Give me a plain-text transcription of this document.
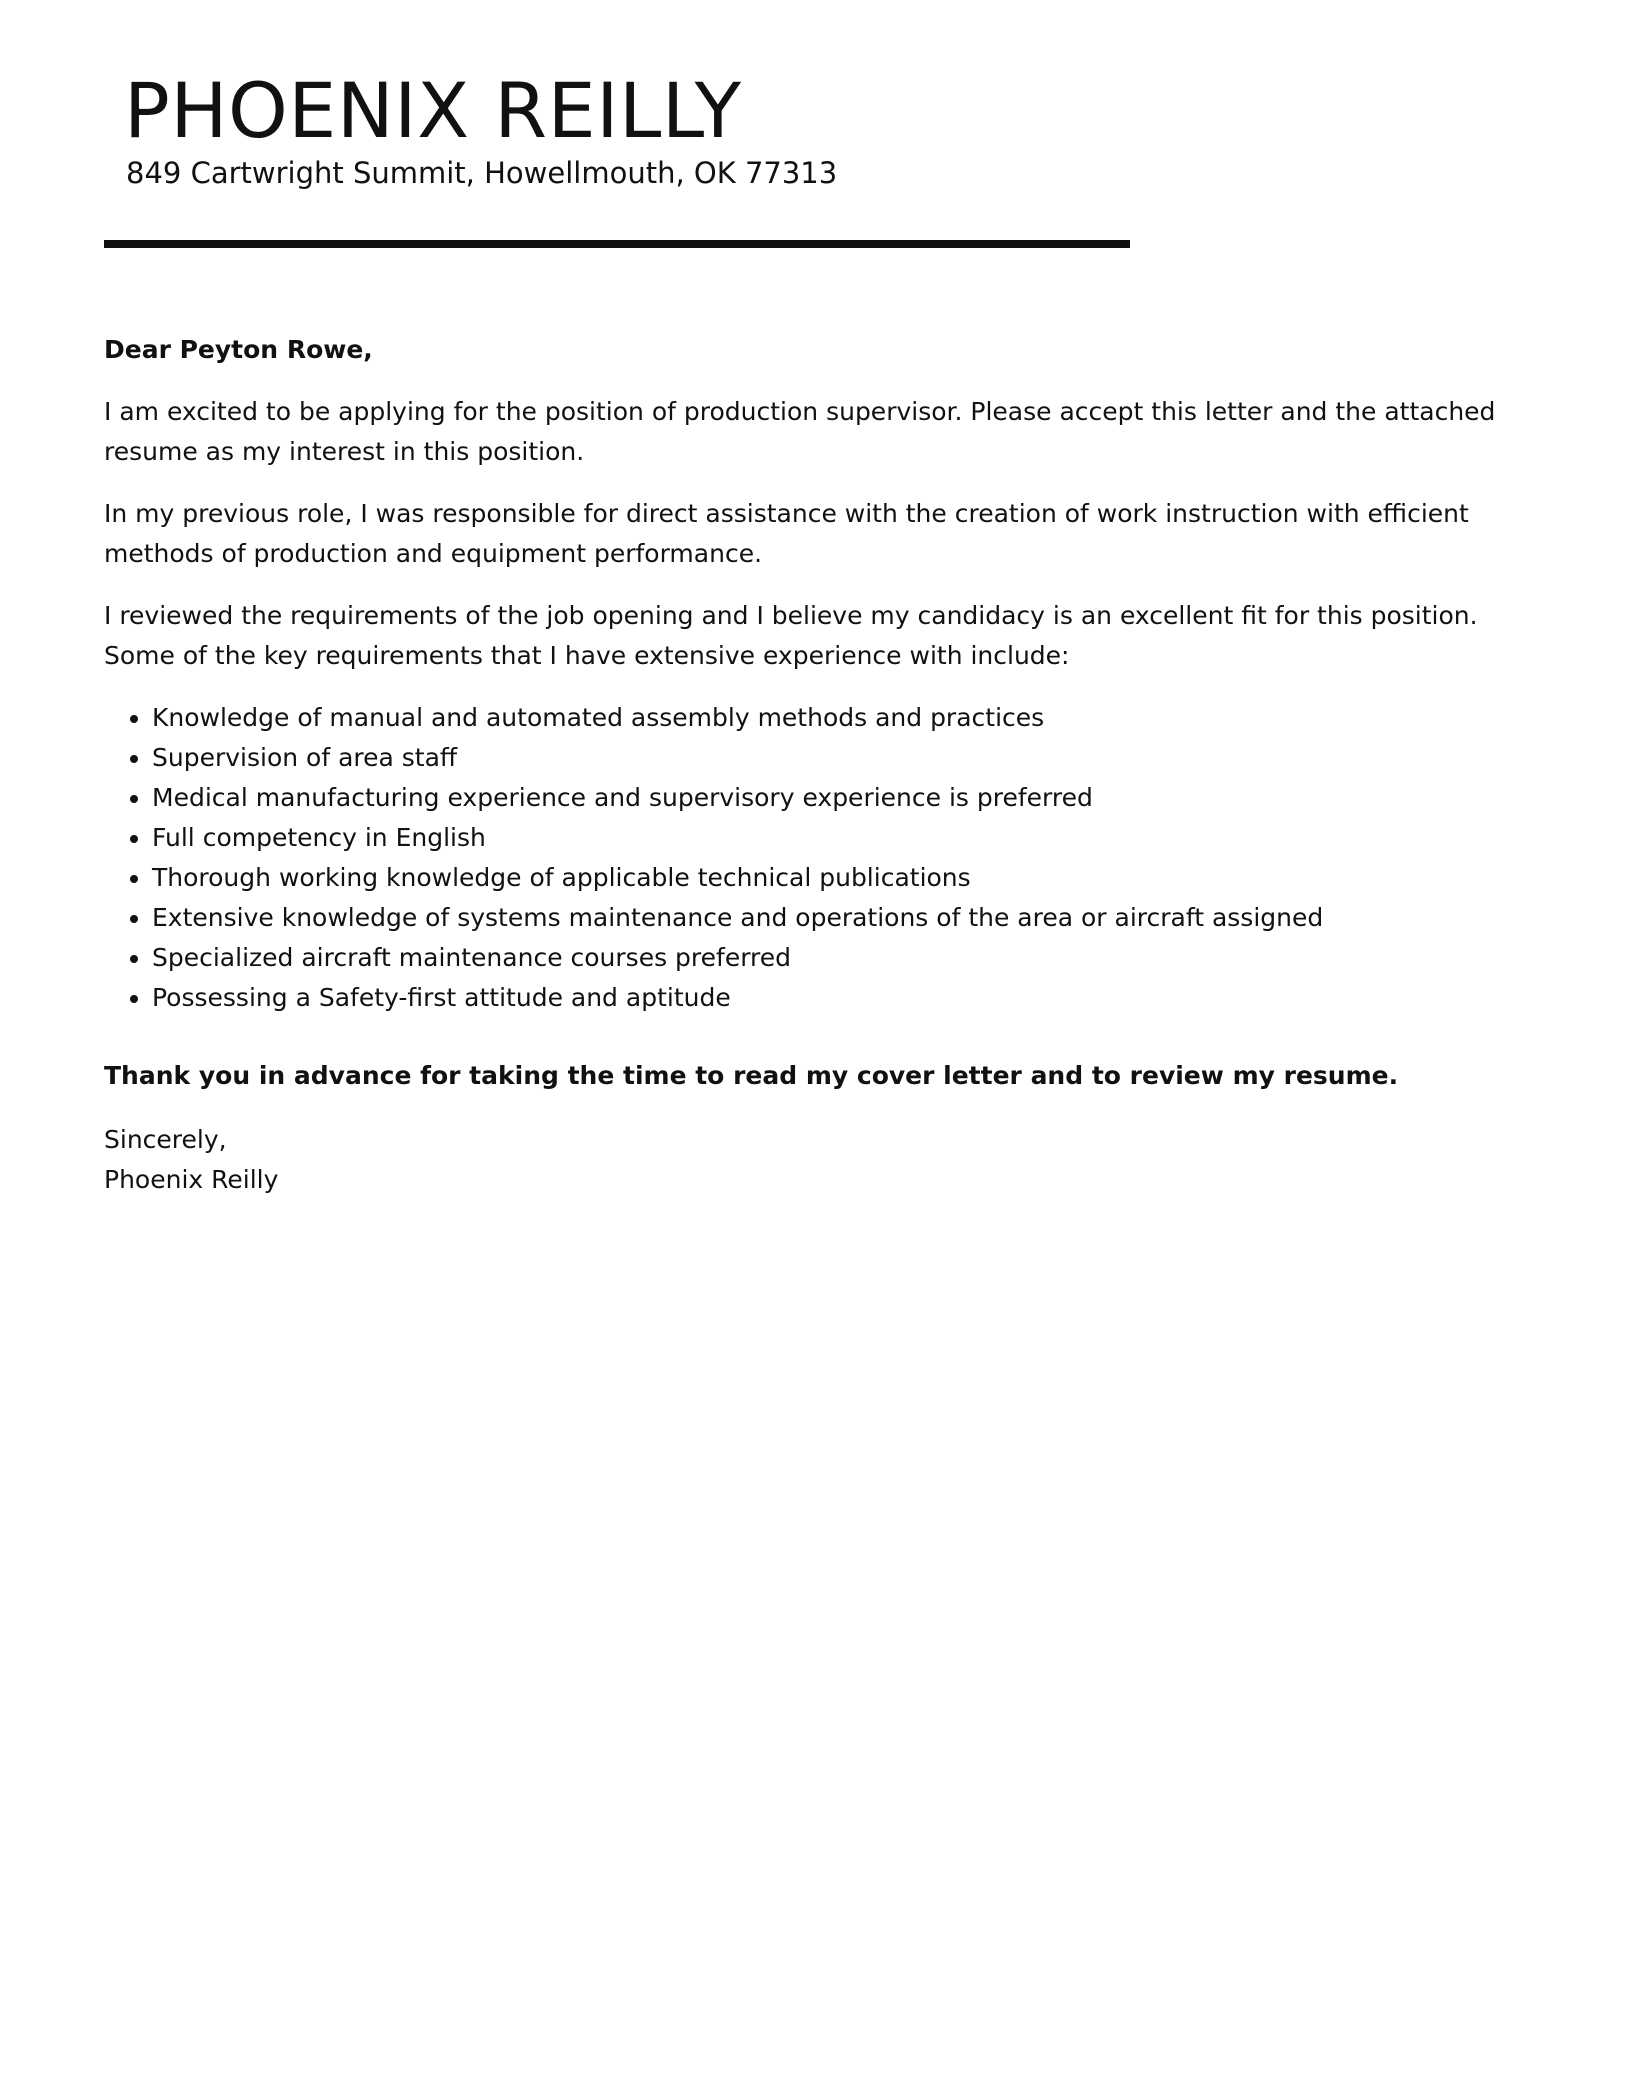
PHOENIX REILLY
849 Cartwright Summit, Howellmouth, OK 77313

Dear Peyton Rowe,

I am excited to be applying for the position of production supervisor. Please accept this letter and the attached resume as my interest in this position.

In my previous role, I was responsible for direct assistance with the creation of work instruction with efficient methods of production and equipment performance.

I reviewed the requirements of the job opening and I believe my candidacy is an excellent fit for this position. Some of the key requirements that I have extensive experience with include:

• Knowledge of manual and automated assembly methods and practices
• Supervision of area staff
• Medical manufacturing experience and supervisory experience is preferred
• Full competency in English
• Thorough working knowledge of applicable technical publications
• Extensive knowledge of systems maintenance and operations of the area or aircraft assigned
• Specialized aircraft maintenance courses preferred
• Possessing a Safety-first attitude and aptitude

Thank you in advance for taking the time to read my cover letter and to review my resume.

Sincerely,
Phoenix Reilly
